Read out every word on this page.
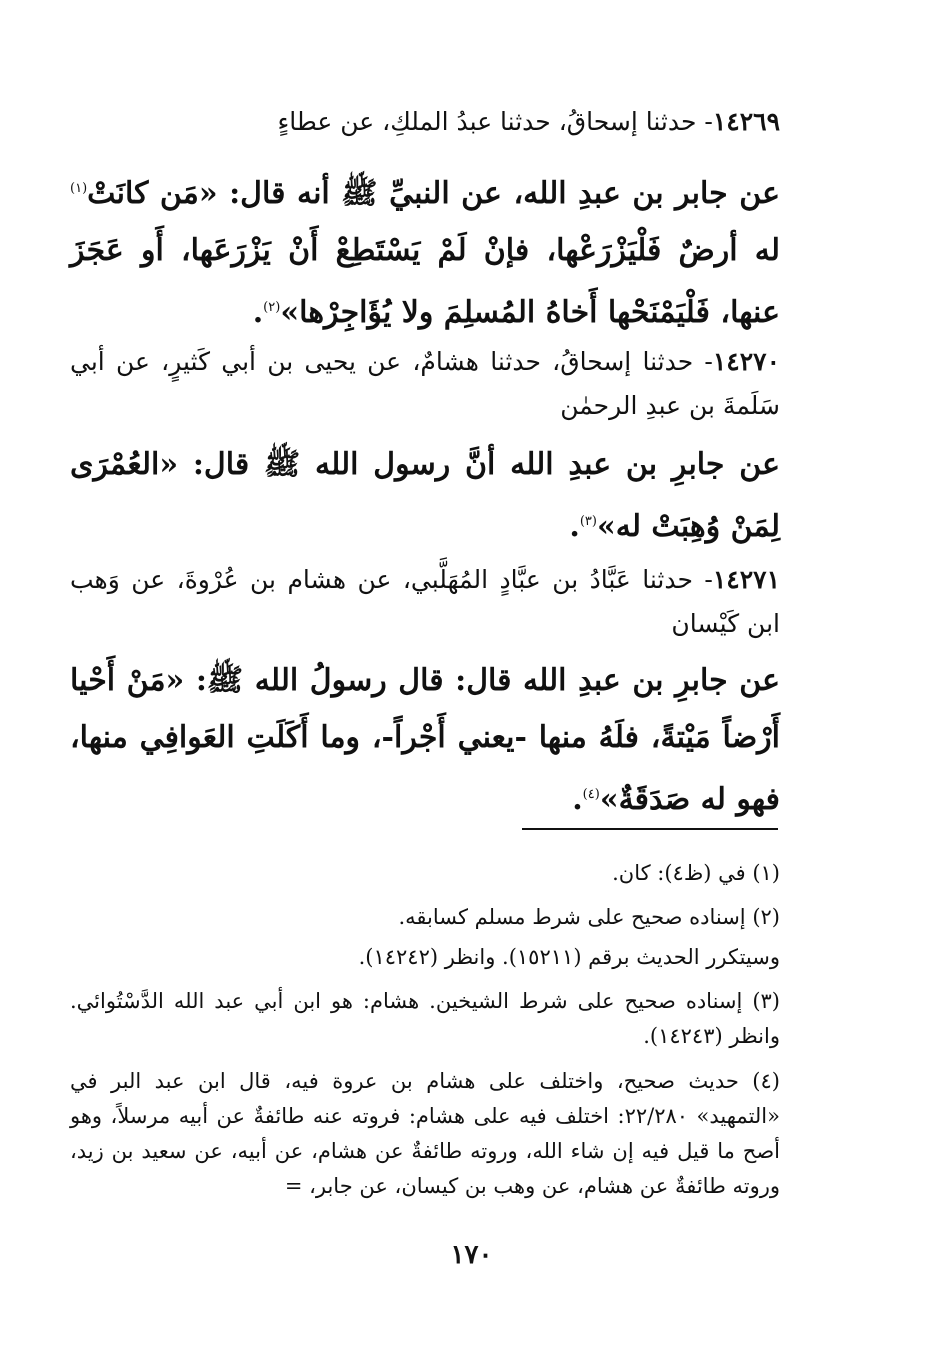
١٤٢٦٩- حدثنا إسحاقُ، حدثنا عبدُ الملكِ، عن عطاءٍ
عن جابر بن عبدِ الله، عن النبيِّ ﷺ أنه قال: «مَن كانَتْ$^{(١)}$ له أرضٌ فَلْيَزْرَعْها، فإنْ لَمْ يَسْتَطِعْ أَنْ يَزْرَعَها، أَو عَجَزَ عنها، فَلْيَمْنَحْها أَخاهُ المُسلِمَ ولا يُؤَاجِرْها»$^{(٢)}$.
١٤٢٧٠- حدثنا إسحاقُ، حدثنا هشامٌ، عن يحيى بن أبي كَثيرٍ، عن أبي سَلَمةَ بن عبدِ الرحمٰن
عن جابرِ بن عبدِ الله أنَّ رسول الله ﷺ قال: «العُمْرَى لِمَنْ وُهِبَتْ له»$^{(٣)}$.
١٤٢٧١- حدثنا عَبَّادُ بن عبَّادٍ المُهَلَّبي، عن هشام بن عُرْوةَ، عن وَهب ابن كَيْسان
عن جابرِ بن عبدِ الله قال: قال رسولُ الله ﷺ: «مَنْ أَحْيا أَرْضاً مَيْتةً، فلَهُ منها -يعني أَجْراً-، وما أَكَلَتِ العَوافِي منها، فهو له صَدَقَةٌ»$^{(٤)}$.
(١) في (ظ٤): كان.
(٢) إسناده صحيح على شرط مسلم كسابقه.
وسيتكرر الحديث برقم (١٥٢١١). وانظر (١٤٢٤٢).
(٣) إسناده صحيح على شرط الشيخين. هشام: هو ابن أبي عبد الله الدَّسْتُوائي. وانظر (١٤٢٤٣).
(٤) حديث صحيح، واختلف على هشام بن عروة فيه، قال ابن عبد البر في «التمهيد» ٢٢/٢٨٠: اختلف فيه على هشام: فروته عنه طائفةٌ عن أبيه مرسلاً، وهو أصح ما قيل فيه إن شاء الله، وروته طائفةٌ عن هشام، عن أبيه، عن سعيد بن زيد، وروته طائفةٌ عن هشام، عن وهب بن كيسان، عن جابر، =
١٧٠
